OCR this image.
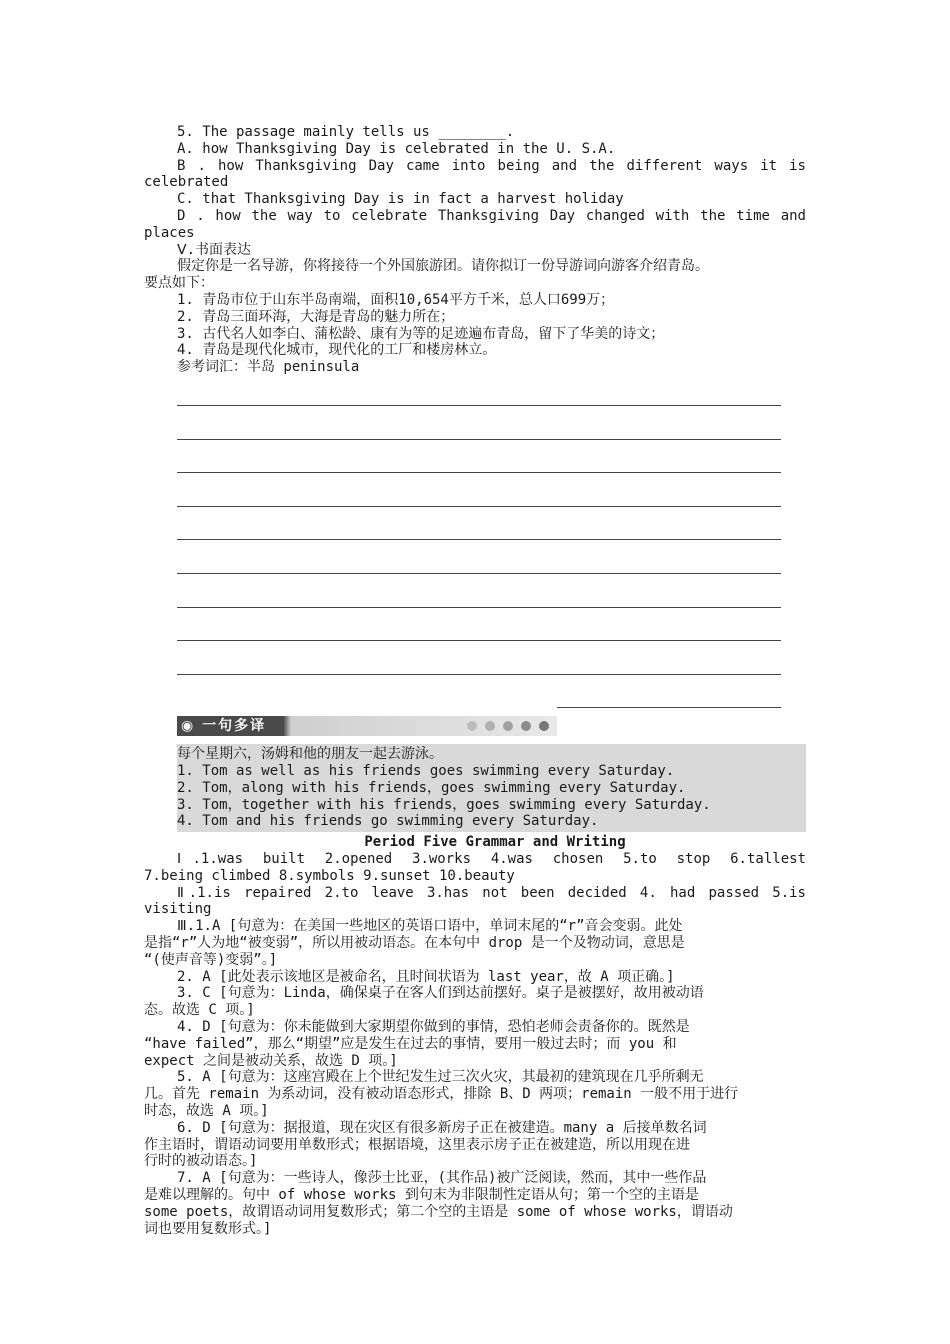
5. The passage mainly tells us ________.
A. how Thanksgiving Day is celebrated in the U. S.A.
B . how Thanksgiving Day came into being and the different ways it is
celebrated
C. that Thanksgiving Day is in fact a harvest holiday
D . how the way to celebrate Thanksgiving Day changed with the time and
places
Ⅴ.书面表达
假定你是一名导游，你将接待一个外国旅游团。请你拟订一份导游词向游客介绍青岛。
要点如下：
1. 青岛市位于山东半岛南端，面积10,654平方千米，总人口699万；
2. 青岛三面环海，大海是青岛的魅力所在；
3. 古代名人如李白、蒲松龄、康有为等的足迹遍布青岛，留下了华美的诗文；
4. 青岛是现代化城市，现代化的工厂和楼房林立。
参考词汇：半岛 peninsula
◉ 一句多译
每个星期六，汤姆和他的朋友一起去游泳。
1. Tom as well as his friends goes swimming every Saturday.
2. Tom，along with his friends，goes swimming every Saturday.
3. Tom，together with his friends，goes swimming every Saturday.
4. Tom and his friends go swimming every Saturday.
Period Five Grammar and Writing
Ⅰ.1.was built 2.opened 3.works 4.was chosen 5.to stop 6.tallest
7.being climbed 8.symbols 9.sunset 10.beauty
Ⅱ.1.is repaired 2.to leave 3.has not been decided 4. had passed 5.is
visiting
Ⅲ.1.A [句意为：在美国一些地区的英语口语中，单词末尾的“r”音会变弱。此处
是指“r”人为地“被变弱”，所以用被动语态。在本句中 drop 是一个及物动词，意思是
“(使声音等)变弱”。]
2. A [此处表示该地区是被命名，且时间状语为 last year，故 A 项正确。]
3. C [句意为：Linda，确保桌子在客人们到达前摆好。桌子是被摆好，故用被动语
态。故选 C 项。]
4. D [句意为：你未能做到大家期望你做到的事情，恐怕老师会责备你的。既然是
“have failed”，那么“期望”应是发生在过去的事情，要用一般过去时；而 you 和
expect 之间是被动关系，故选 D 项。]
5. A [句意为：这座宫殿在上个世纪发生过三次火灾，其最初的建筑现在几乎所剩无
几。首先 remain 为系动词，没有被动语态形式，排除 B、D 两项；remain 一般不用于进行
时态，故选 A 项。]
6. D [句意为：据报道，现在灾区有很多新房子正在被建造。many a 后接单数名词
作主语时，谓语动词要用单数形式；根据语境，这里表示房子正在被建造，所以用现在进
行时的被动语态。]
7. A [句意为：一些诗人，像莎士比亚，(其作品)被广泛阅读，然而，其中一些作品
是难以理解的。句中 of whose works 到句末为非限制性定语从句；第一个空的主语是
some poets，故谓语动词用复数形式；第二个空的主语是 some of whose works，谓语动
词也要用复数形式。]
